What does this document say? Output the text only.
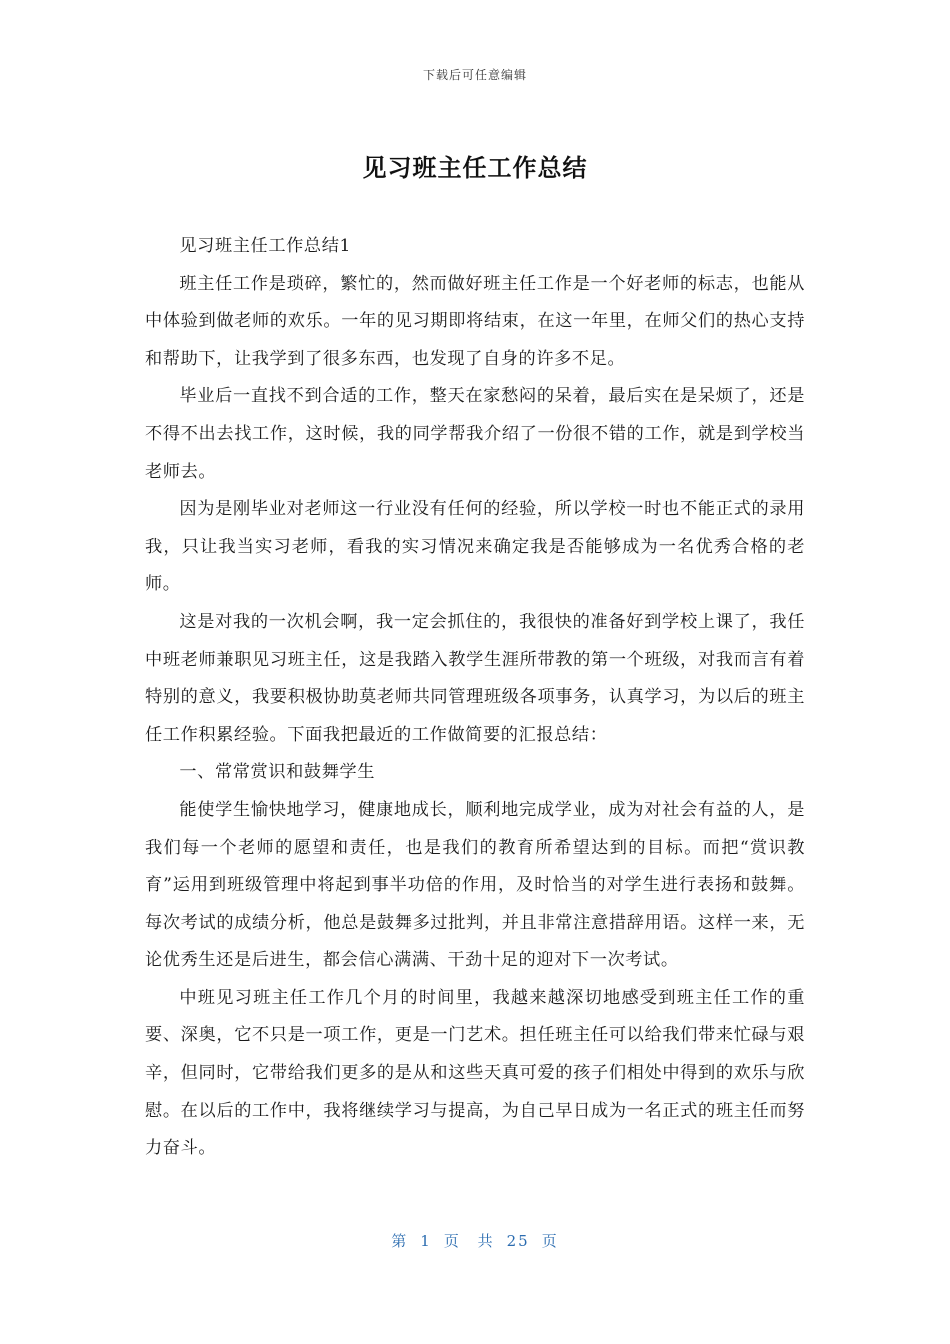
下载后可任意编辑
见习班主任工作总结

见习班主任工作总结1

班主任工作是琐碎，繁忙的，然而做好班主任工作是一个好老师的标志，也能从中体验到做老师的欢乐。一年的见习期即将结束，在这一年里，在师父们的热心支持和帮助下，让我学到了很多东西，也发现了自身的许多不足。

毕业后一直找不到合适的工作，整天在家愁闷的呆着，最后实在是呆烦了，还是不得不出去找工作，这时候，我的同学帮我介绍了一份很不错的工作，就是到学校当老师去。

因为是刚毕业对老师这一行业没有任何的经验，所以学校一时也不能正式的录用我，只让我当实习老师，看我的实习情况来确定我是否能够成为一名优秀合格的老师。

这是对我的一次机会啊，我一定会抓住的，我很快的准备好到学校上课了，我任中班老师兼职见习班主任，这是我踏入教学生涯所带教的第一个班级，对我而言有着特别的意义，我要积极协助莫老师共同管理班级各项事务，认真学习，为以后的班主任工作积累经验。下面我把最近的工作做简要的汇报总结：

一、常常赏识和鼓舞学生

能使学生愉快地学习，健康地成长，顺利地完成学业，成为对社会有益的人，是我们每一个老师的愿望和责任，也是我们的教育所希望达到的目标。而把“赏识教育”运用到班级管理中将起到事半功倍的作用，及时恰当的对学生进行表扬和鼓舞。每次考试的成绩分析，他总是鼓舞多过批判，并且非常注意措辞用语。这样一来，无论优秀生还是后进生，都会信心满满、干劲十足的迎对下一次考试。

中班见习班主任工作几个月的时间里，我越来越深切地感受到班主任工作的重要、深奥，它不只是一项工作，更是一门艺术。担任班主任可以给我们带来忙碌与艰辛，但同时，它带给我们更多的是从和这些天真可爱的孩子们相处中得到的欢乐与欣慰。在以后的工作中，我将继续学习与提高，为自己早日成为一名正式的班主任而努力奋斗。

第 1 页 共 25 页
